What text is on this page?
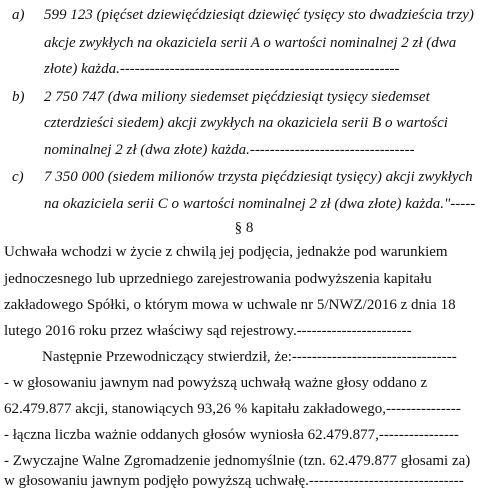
a) 599 123 (pięćset dziewięćdziesiąt dziewięć tysięcy sto dwadzieścia trzy)
akcje zwykłych na okaziciela serii A o wartości nominalnej 2 zł (dwa
złote) każda.--------------------------------------------------------
b) 2 750 747 (dwa miliony siedemset pięćdziesiąt tysięcy siedemset
czterdzieści siedem) akcji zwykłych na okaziciela serii B o wartości
nominalnej 2 zł (dwa złote) każda.---------------------------------
c) 7 350 000 (siedem milionów trzysta pięćdziesiąt tysięcy) akcji zwykłych
na okaziciela serii C o wartości nominalnej 2 zł (dwa złote) każda."-----
§ 8
Uchwała wchodzi w życie z chwilą jej podjęcia, jednakże pod warunkiem
jednoczesnego lub uprzedniego zarejestrowania podwyższenia kapitału
zakładowego Spółki, o którym mowa w uchwale nr 5/NWZ/2016 z dnia 18
lutego 2016 roku przez właściwy sąd rejestrowy.-----------------------
Następnie Przewodniczący stwierdził, że:---------------------------------
- w głosowaniu jawnym nad powyższą uchwałą ważne głosy oddano z
62.479.877 akcji, stanowiących 93,26 % kapitału zakładowego,---------------
- łączna liczba ważnie oddanych głosów wyniosła 62.479.877,----------------
- Zwyczajne Walne Zgromadzenie jednomyślnie (tzn. 62.479.877 głosami za)
w głosowaniu jawnym podjęło powyższą uchwałę.-------------------------------
